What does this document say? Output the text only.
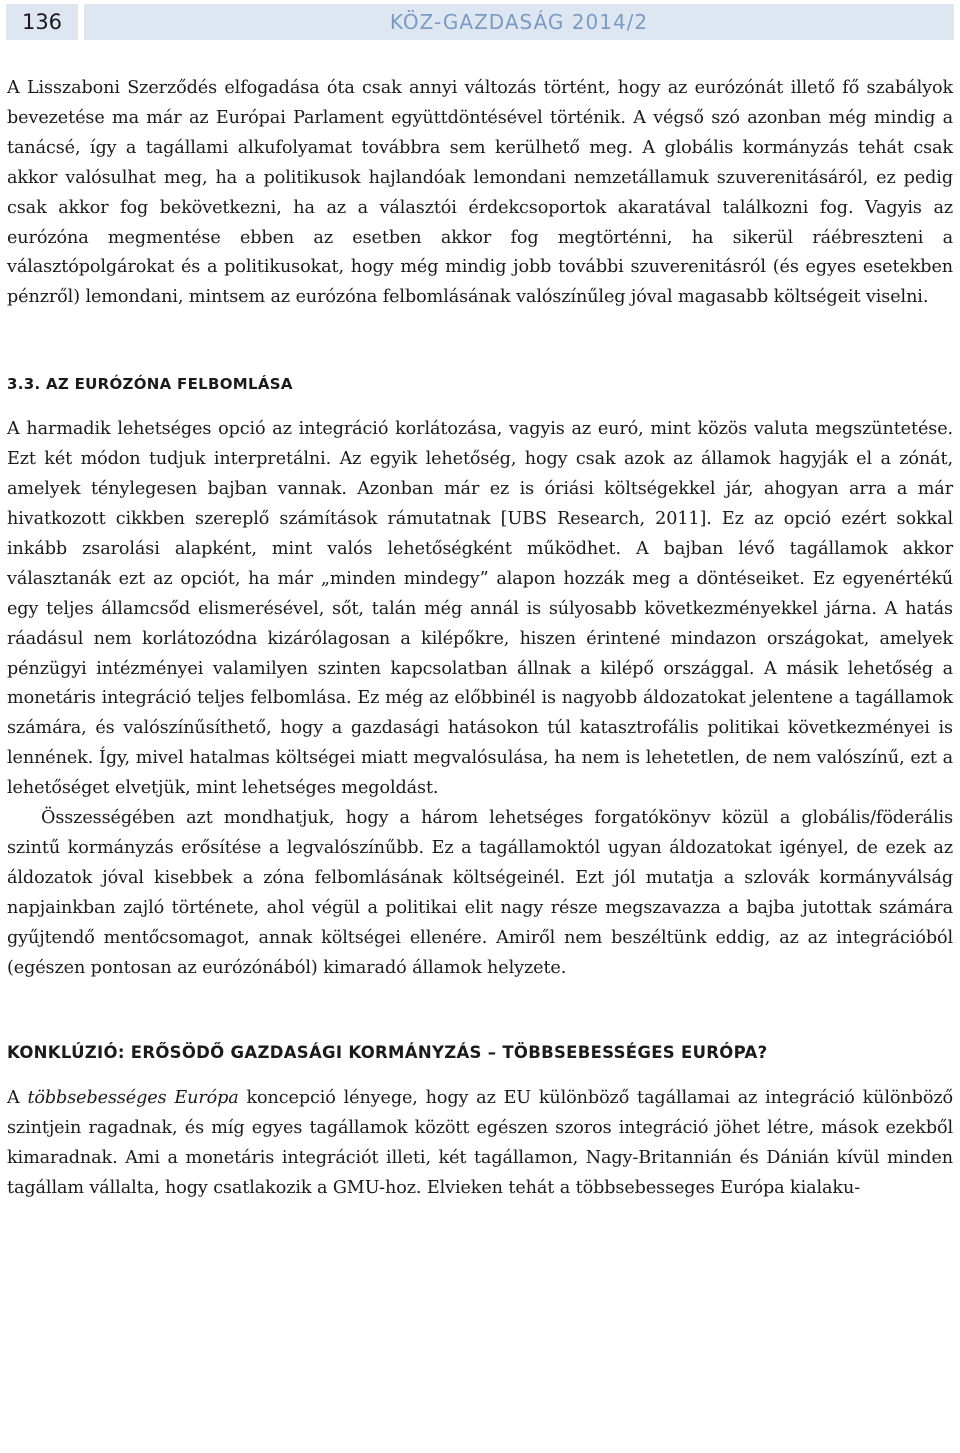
136	KÖZ-GAZDASÁG 2014/2

A Lisszaboni Szerződés elfogadása óta csak annyi változás történt, hogy az eurózónát illető fő szabályok bevezetése ma már az Európai Parlament együttdöntésével történik. A végső szó azonban még mindig a tanácsé, így a tagállami alkufolyamat továbbra sem kerülhető meg. A globális kormányzás tehát csak akkor valósulhat meg, ha a politikusok hajlandóak lemondani nemzetállamuk szuverenitásáról, ez pedig csak akkor fog bekövetkezni, ha az a választói érdekcsoportok akaratával találkozni fog. Vagyis az eurózóna megmentése ebben az esetben akkor fog megtörténni, ha sikerül ráébreszteni a választópolgárokat és a politikusokat, hogy még mindig jobb további szuverenitásról (és egyes esetekben pénzről) lemondani, mintsem az eurózóna felbomlásának valószínűleg jóval magasabb költségeit viselni.

3.3. AZ EURÓZÓNA FELBOMLÁSA

A harmadik lehetséges opció az integráció korlátozása, vagyis az euró, mint közös valuta megszüntetése. Ezt két módon tudjuk interpretálni. Az egyik lehetőség, hogy csak azok az államok hagyják el a zónát, amelyek ténylegesen bajban vannak. Azonban már ez is óriási költségekkel jár, ahogyan arra a már hivatkozott cikkben szereplő számítások rámutatnak [UBS Research, 2011]. Ez az opció ezért sokkal inkább zsarolási alapként, mint valós lehetőségként működhet. A bajban lévő tagállamok akkor választanák ezt az opciót, ha már „minden mindegy” alapon hozzák meg a döntéseiket. Ez egyenértékű egy teljes államcsőd elismerésével, sőt, talán még annál is súlyosabb következményekkel járna. A hatás ráadásul nem korlátozódna kizárólagosan a kilépőkre, hiszen érintené mindazon országokat, amelyek pénzügyi intézményei valamilyen szinten kapcsolatban állnak a kilépő országgal. A másik lehetőség a monetáris integráció teljes felbomlása. Ez még az előbbinél is nagyobb áldozatokat jelentene a tagállamok számára, és valószínűsíthető, hogy a gazdasági hatásokon túl katasztrofális politikai következményei is lennének. Így, mivel hatalmas költségei miatt megvalósulása, ha nem is lehetetlen, de nem valószínű, ezt a lehetőséget elvetjük, mint lehetséges megoldást.

Összességében azt mondhatjuk, hogy a három lehetséges forgatókönyv közül a globális/föderális szintű kormányzás erősítése a legvalószínűbb. Ez a tagállamoktól ugyan áldozatokat igényel, de ezek az áldozatok jóval kisebbek a zóna felbomlásának költségeinél. Ezt jól mutatja a szlovák kormányválság napjainkban zajló története, ahol végül a politikai elit nagy része megszavazza a bajba jutottak számára gyűjtendő mentőcsomagot, annak költségei ellenére. Amiről nem beszéltünk eddig, az az integrációból (egészen pontosan az eurózónából) kimaradó államok helyzete.

KONKLÚZIÓ: ERŐSÖDŐ GAZDASÁGI KORMÁNYZÁS – TÖBBSEBESSÉGES EURÓPA?

A többsebességes Európa koncepció lényege, hogy az EU különböző tagállamai az integráció különböző szintjein ragadnak, és míg egyes tagállamok között egészen szoros integráció jöhet létre, mások ezekből kimaradnak. Ami a monetáris integrációt illeti, két tagállamon, Nagy-Britannián és Dánián kívül minden tagállam vállalta, hogy csatlakozik a GMU-hoz. Elvieken tehát a többsebesseges Európa kialaku-
